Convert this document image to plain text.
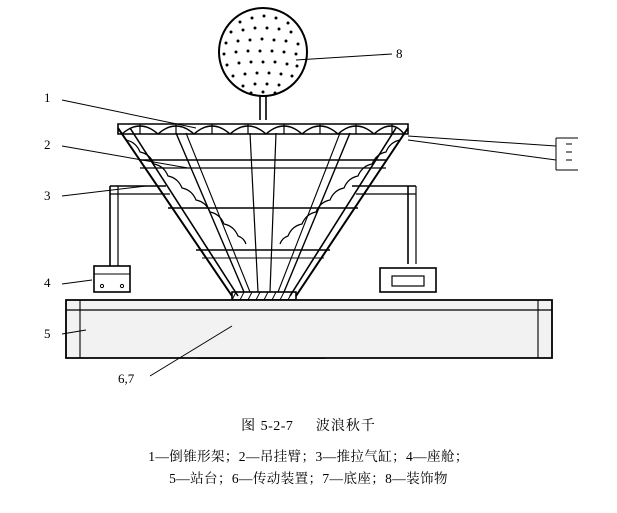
1
2
3
4
5
6,7
8
图 5-2-7 波浪秋千
1—倒锥形架；2—吊挂臂；3—推拉气缸；4—座舱；
5—站台；6—传动装置；7—底座；8—装饰物
